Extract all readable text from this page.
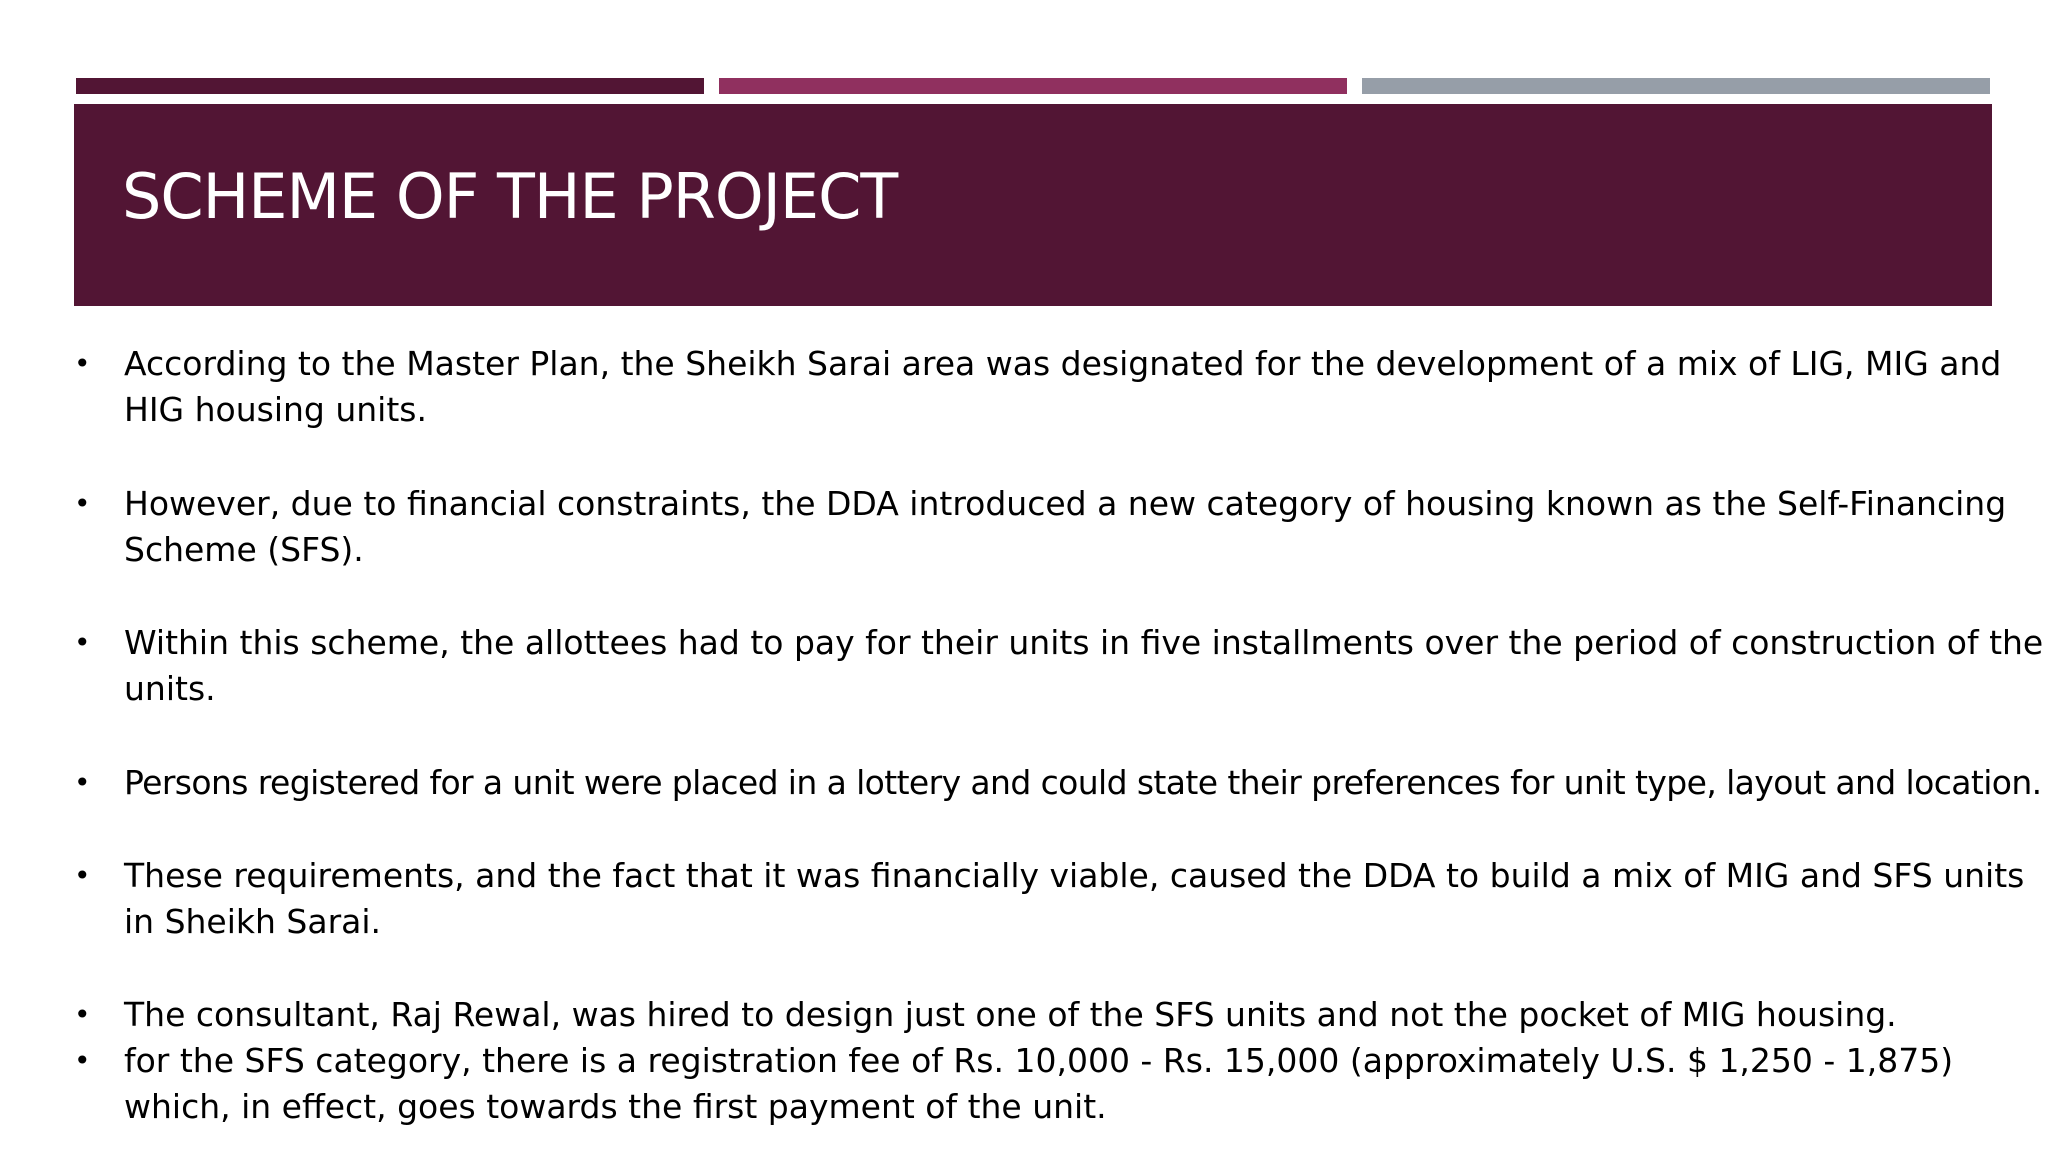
SCHEME OF THE PROJECT
• According to the Master Plan, the Sheikh Sarai area was designated for the development of a mix of LIG, MIG and HIG housing units.
• However, due to financial constraints, the DDA introduced a new category of housing known as the Self-Financing Scheme (SFS).
• Within this scheme, the allottees had to pay for their units in five installments over the period of construction of the units.
• Persons registered for a unit were placed in a lottery and could state their preferences for unit type, layout and location.
• These requirements, and the fact that it was financially viable, caused the DDA to build a mix of MIG and SFS units in Sheikh Sarai.
• The consultant, Raj Rewal, was hired to design just one of the SFS units and not the pocket of MIG housing.
• for the SFS category, there is a registration fee of Rs. 10,000 - Rs. 15,000 (approximately U.S. $ 1,250 - 1,875) which, in effect, goes towards the first payment of the unit.
